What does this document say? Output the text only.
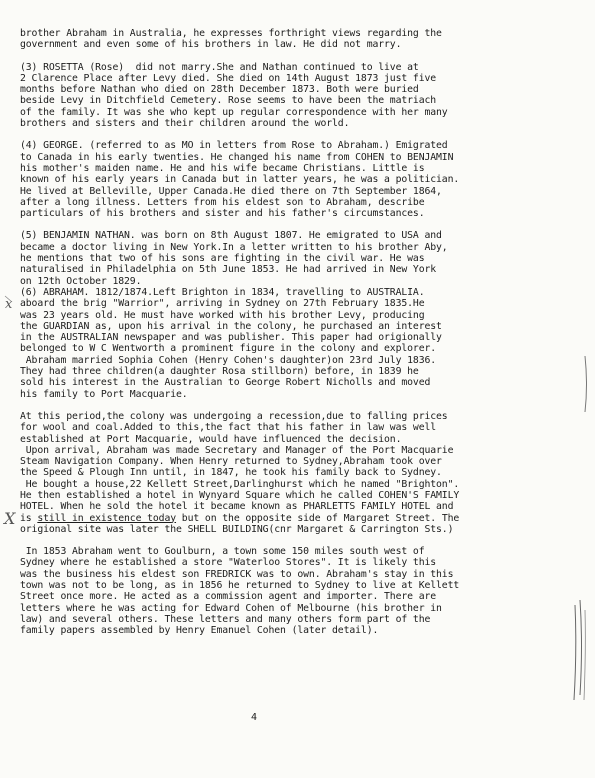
brother Abraham in Australia, he expresses forthright views regarding the
government and even some of his brothers in law. He did not marry.
(3) ROSETTA (Rose)  did not marry.She and Nathan continued to live at
2 Clarence Place after Levy died. She died on 14th August 1873 just five
months before Nathan who died on 28th December 1873. Both were buried
beside Levy in Ditchfield Cemetery. Rose seems to have been the matriach
of the family. It was she who kept up regular correspondence with her many
brothers and sisters and their children around the world.
(4) GEORGE. (referred to as MO in letters from Rose to Abraham.) Emigrated
to Canada in his early twenties. He changed his name from COHEN to BENJAMIN
his mother's maiden name. He and his wife became Christians. Little is
known of his early years in Canada but in latter years, he was a politician.
He lived at Belleville, Upper Canada.He died there on 7th September 1864,
after a long illness. Letters from his eldest son to Abraham, describe
particulars of his brothers and sister and his father's circumstances.
(5) BENJAMIN NATHAN. was born on 8th August 1807. He emigrated to USA and
became a doctor living in New York.In a letter written to his brother Aby,
he mentions that two of his sons are fighting in the civil war. He was
naturalised in Philadelphia on 5th June 1853. He had arrived in New York
on 12th October 1829.
(6) ABRAHAM. 1812/1874.Left Brighton in 1834, travelling to AUSTRALIA.
aboard the brig "Warrior", arriving in Sydney on 27th February 1835.He
was 23 years old. He must have worked with his brother Levy, producing
the GUARDIAN as, upon his arrival in the colony, he purchased an interest
in the AUSTRALIAN newspaper and was publisher. This paper had origionally
belonged to W C Wentworth a prominent figure in the colony and explorer.
Abraham married Sophia Cohen (Henry Cohen's daughter)on 23rd July 1836.
They had three children(a daughter Rosa stillborn) before, in 1839 he
sold his interest in the Australian to George Robert Nicholls and moved
his family to Port Macquarie.
At this period,the colony was undergoing a recession,due to falling prices
for wool and coal.Added to this,the fact that his father in law was well
established at Port Macquarie, would have influenced the decision.
Upon arrival, Abraham was made Secretary and Manager of the Port Macquarie
Steam Navigation Company. When Henry returned to Sydney,Abraham took over
the Speed & Plough Inn until, in 1847, he took his family back to Sydney.
He bought a house,22 Kellett Street,Darlinghurst which he named "Brighton".
He then established a hotel in Wynyard Square which he called COHEN'S FAMILY
HOTEL. When he sold the hotel it became known as PHARLETTS FAMILY HOTEL and
is still in existence today but on the opposite side of Margaret Street. The
origional site was later the SHELL BUILDING(cnr Margaret & Carrington Sts.)
In 1853 Abraham went to Goulburn, a town some 150 miles south west of
Sydney where he established a store "Waterloo Stores". It is likely this
was the business his eldest son FREDRICK was to own. Abraham's stay in this
town was not to be long, as in 1856 he returned to Sydney to live at Kellett
Street once more. He acted as a commission agent and importer. There are
letters where he was acting for Edward Cohen of Melbourne (his brother in
law) and several others. These letters and many others form part of the
family papers assembled by Henry Emanuel Cohen (later detail).
4
x
X
